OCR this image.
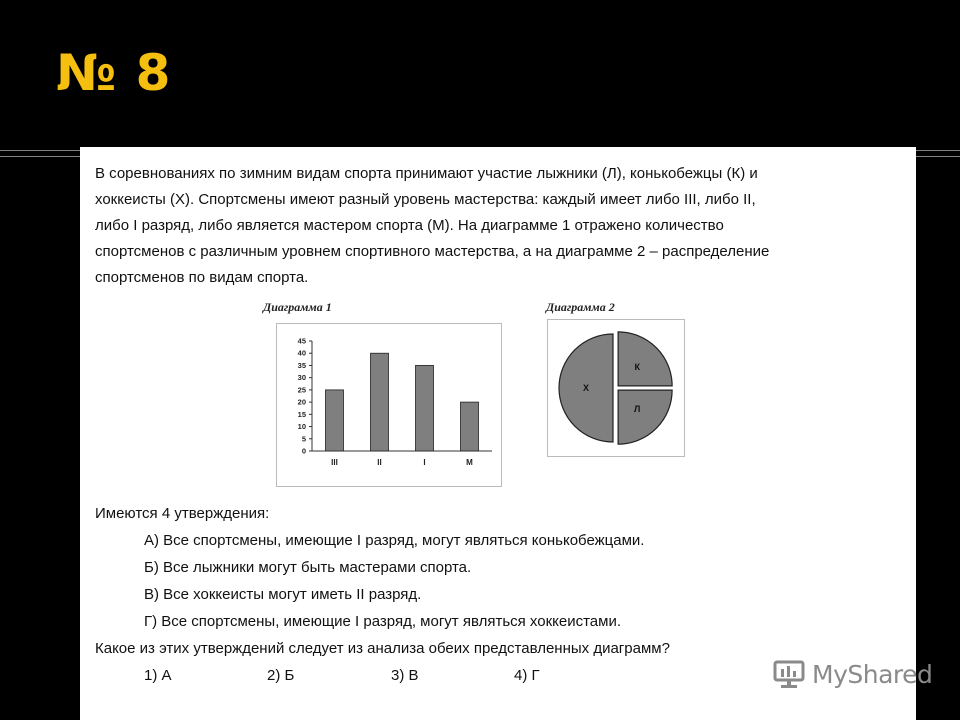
№ 8

В соревнованиях по зимним видам спорта принимают участие лыжники (Л), конькобежцы (К) и
хоккеисты (Х). Спортсмены имеют разный уровень мастерства: каждый имеет либо III, либо II,
либо I разряд, либо является мастером спорта (М). На диаграмме 1 отражено количество
спортсменов с различным уровнем спортивного мастерства, а на диаграмме 2 – распределение
спортсменов по видам спорта.

Диаграмма 1	Диаграмма 2
0
5
10
15
20
25
30
35
40
45
III	II	I	М
Х
Л
К
Имеются 4 утверждения:
А) Все спортсмены, имеющие I разряд, могут являться конькобежцами.
Б) Все лыжники могут быть мастерами спорта.
В) Все хоккеисты могут иметь II разряд.
Г) Все спортсмены, имеющие I разряд, могут являться хоккеистами.
Какое из этих утверждений следует из анализа обеих представленных диаграмм?
1) А	2) Б	3) В	4) Г	MyShared
